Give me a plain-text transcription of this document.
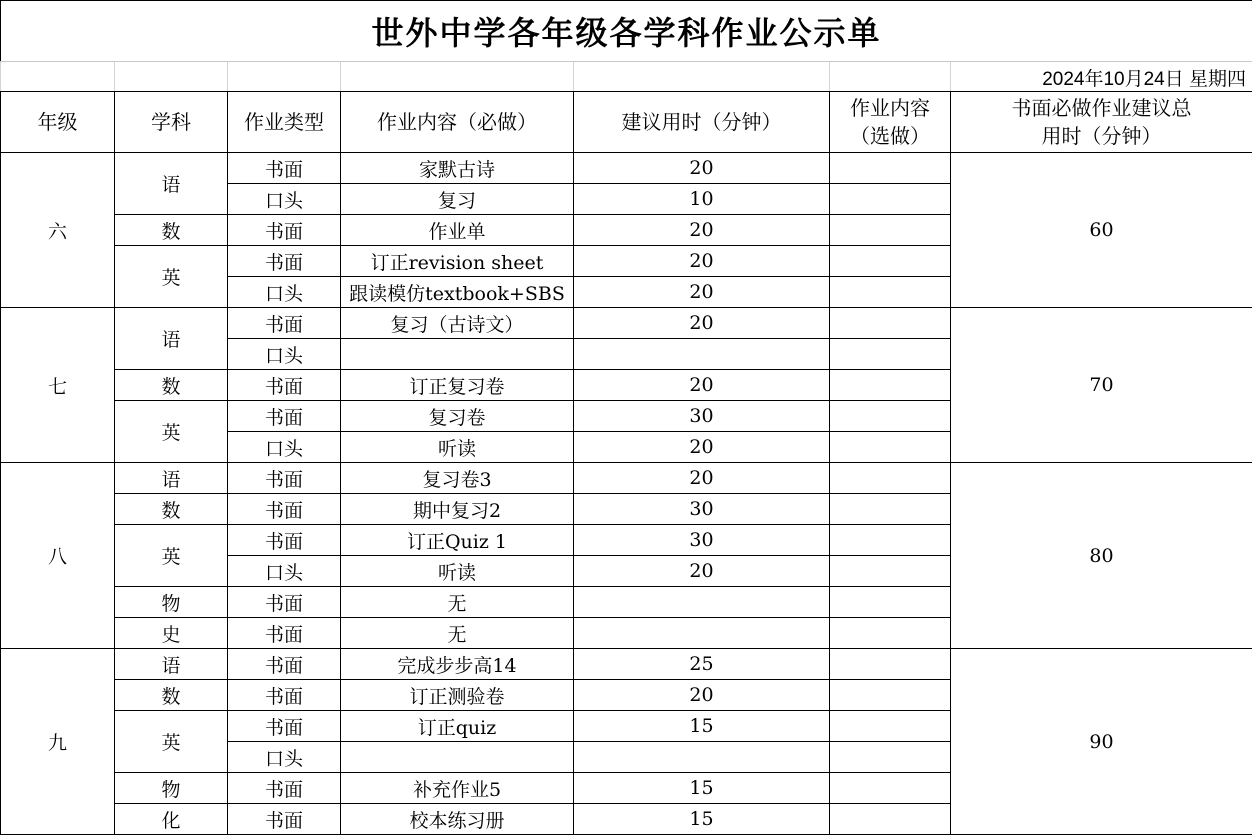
世外中学各年级各学科作业公示单						
						2024年10月24日 星期四
年级	学科	作业类型	作业内容（必做）	建议用时（分钟）	作业内容（选做）	书面必做作业建议总用时（分钟）
六	语	书面	家默古诗	20		60
		口头	复习	10		
	数	书面	作业单	20		
	英	书面	订正revision sheet	20		
		口头	跟读模仿textbook+SBS	20		
七	语	书面	复习（古诗文）	20		70
		口头				
	数	书面	订正复习卷	20		
	英	书面	复习卷	30		
		口头	听读	20		
八	语	书面	复习卷3	20		80
	数	书面	期中复习2	30		
	英	书面	订正Quiz 1	30		
		口头	听读	20		
	物	书面	无			
	史	书面	无			
九	语	书面	完成步步高14	25		90
	数	书面	订正测验卷	20		
	英	书面	订正quiz	15		
		口头				
	物	书面	补充作业5	15		
	化	书面	校本练习册	15		
